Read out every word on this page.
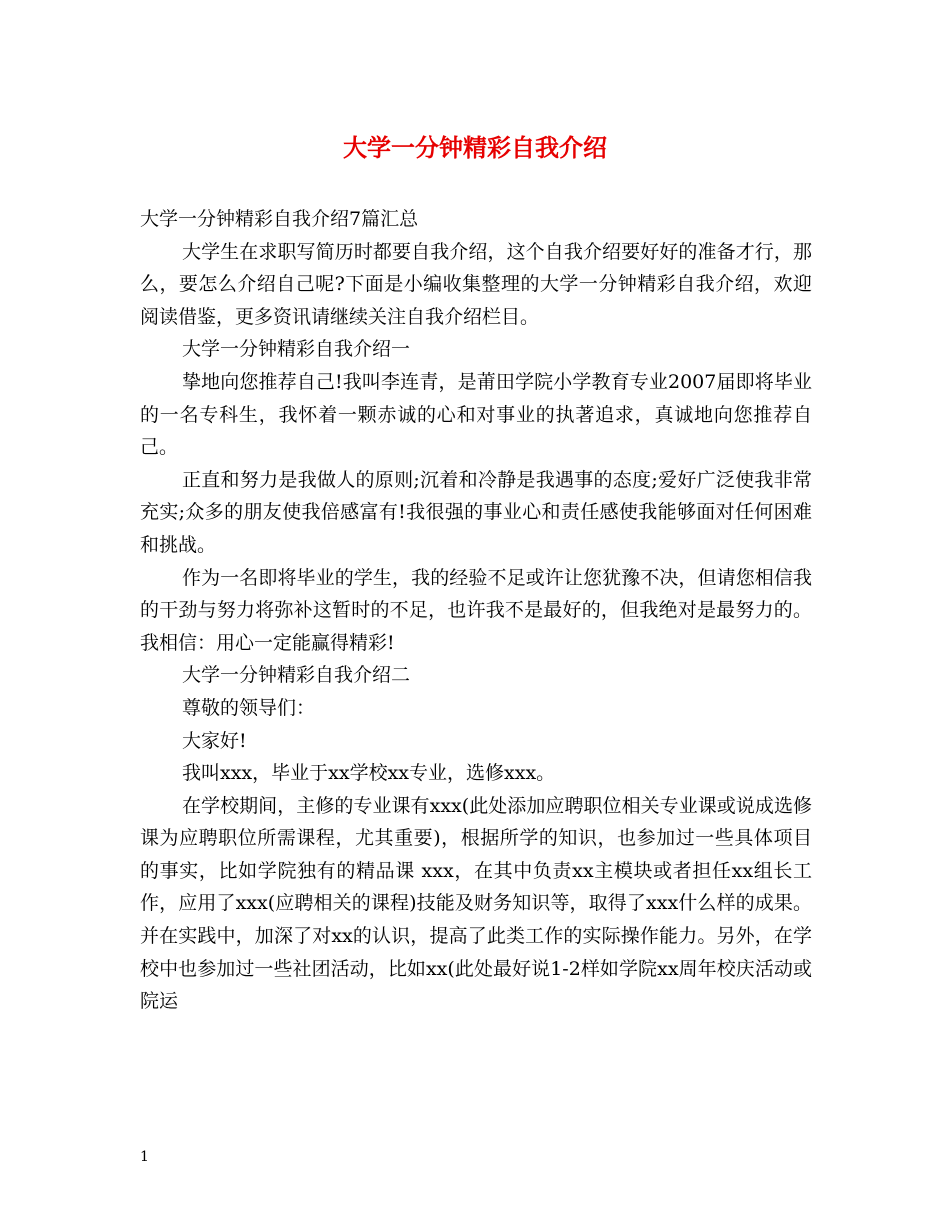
大学一分钟精彩自我介绍

大学一分钟精彩自我介绍7篇汇总

大学生在求职写简历时都要自我介绍，这个自我介绍要好好的准备才行，那么，要怎么介绍自己呢?下面是小编收集整理的大学一分钟精彩自我介绍，欢迎阅读借鉴，更多资讯请继续关注自我介绍栏目。

大学一分钟精彩自我介绍一

挚地向您推荐自己!我叫李连青，是莆田学院小学教育专业2007届即将毕业的一名专科生，我怀着一颗赤诚的心和对事业的执著追求，真诚地向您推荐自己。

正直和努力是我做人的原则;沉着和冷静是我遇事的态度;爱好广泛使我非常充实;众多的朋友使我倍感富有!我很强的事业心和责任感使我能够面对任何困难和挑战。

作为一名即将毕业的学生，我的经验不足或许让您犹豫不决，但请您相信我的干劲与努力将弥补这暂时的不足，也许我不是最好的，但我绝对是最努力的。我相信：用心一定能赢得精彩!

大学一分钟精彩自我介绍二

尊敬的领导们：

大家好!

我叫xxx，毕业于xx学校xx专业，选修xxx。

在学校期间，主修的专业课有xxx(此处添加应聘职位相关专业课或说成选修课为应聘职位所需课程，尤其重要)，根据所学的知识，也参加过一些具体项目的事实，比如学院独有的精品课 xxx，在其中负责xx主模块或者担任xx组长工作，应用了xxx(应聘相关的课程)技能及财务知识等，取得了xxx什么样的成果。并在实践中，加深了对xx的认识，提高了此类工作的实际操作能力。另外，在学校中也参加过一些社团活动，比如xx(此处最好说1-2样如学院xx周年校庆活动或院运

1
